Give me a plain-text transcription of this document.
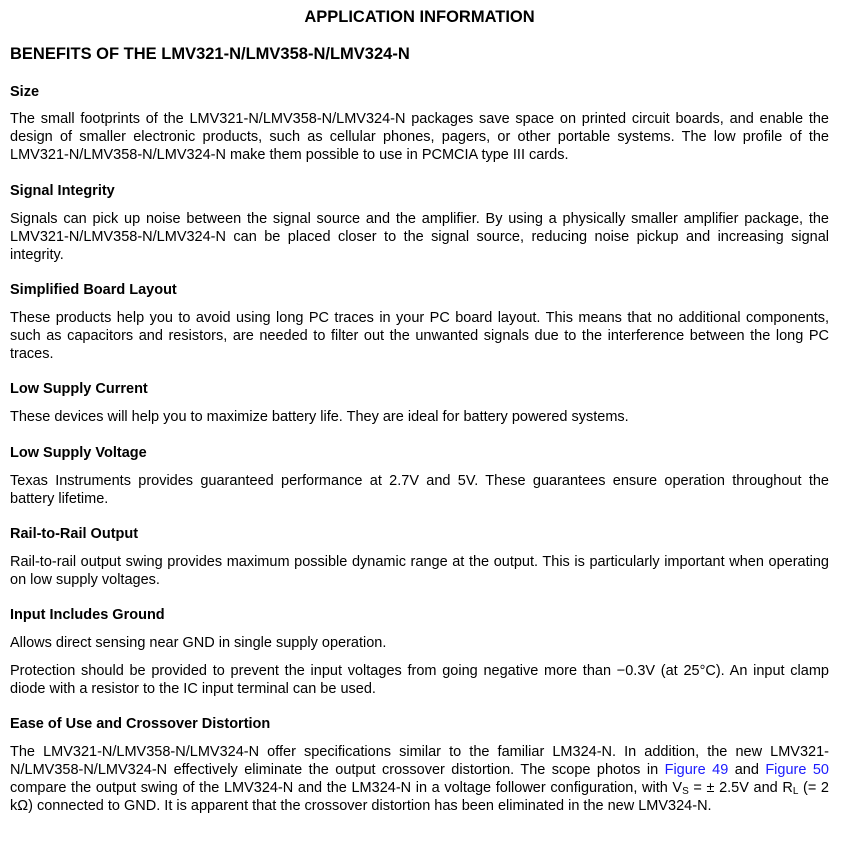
APPLICATION INFORMATION
BENEFITS OF THE LMV321-N/LMV358-N/LMV324-N
Size
The small footprints of the LMV321-N/LMV358-N/LMV324-N packages save space on printed circuit boards, and enable the design of smaller electronic products, such as cellular phones, pagers, or other portable systems. The low profile of the LMV321-N/LMV358-N/LMV324-N make them possible to use in PCMCIA type III cards.
Signal Integrity
Signals can pick up noise between the signal source and the amplifier. By using a physically smaller amplifier package, the LMV321-N/LMV358-N/LMV324-N can be placed closer to the signal source, reducing noise pickup and increasing signal integrity.
Simplified Board Layout
These products help you to avoid using long PC traces in your PC board layout. This means that no additional components, such as capacitors and resistors, are needed to filter out the unwanted signals due to the interference between the long PC traces.
Low Supply Current
These devices will help you to maximize battery life. They are ideal for battery powered systems.
Low Supply Voltage
Texas Instruments provides guaranteed performance at 2.7V and 5V. These guarantees ensure operation throughout the battery lifetime.
Rail-to-Rail Output
Rail-to-rail output swing provides maximum possible dynamic range at the output. This is particularly important when operating on low supply voltages.
Input Includes Ground
Allows direct sensing near GND in single supply operation.
Protection should be provided to prevent the input voltages from going negative more than −0.3V (at 25°C). An input clamp diode with a resistor to the IC input terminal can be used.
Ease of Use and Crossover Distortion
The LMV321-N/LMV358-N/LMV324-N offer specifications similar to the familiar LM324-N. In addition, the new LMV321-N/LMV358-N/LMV324-N effectively eliminate the output crossover distortion. The scope photos in Figure 49 and Figure 50 compare the output swing of the LMV324-N and the LM324-N in a voltage follower configuration, with $V_S$ = ± 2.5V and $R_L$ (= 2 kΩ) connected to GND. It is apparent that the crossover distortion has been eliminated in the new LMV324-N.
